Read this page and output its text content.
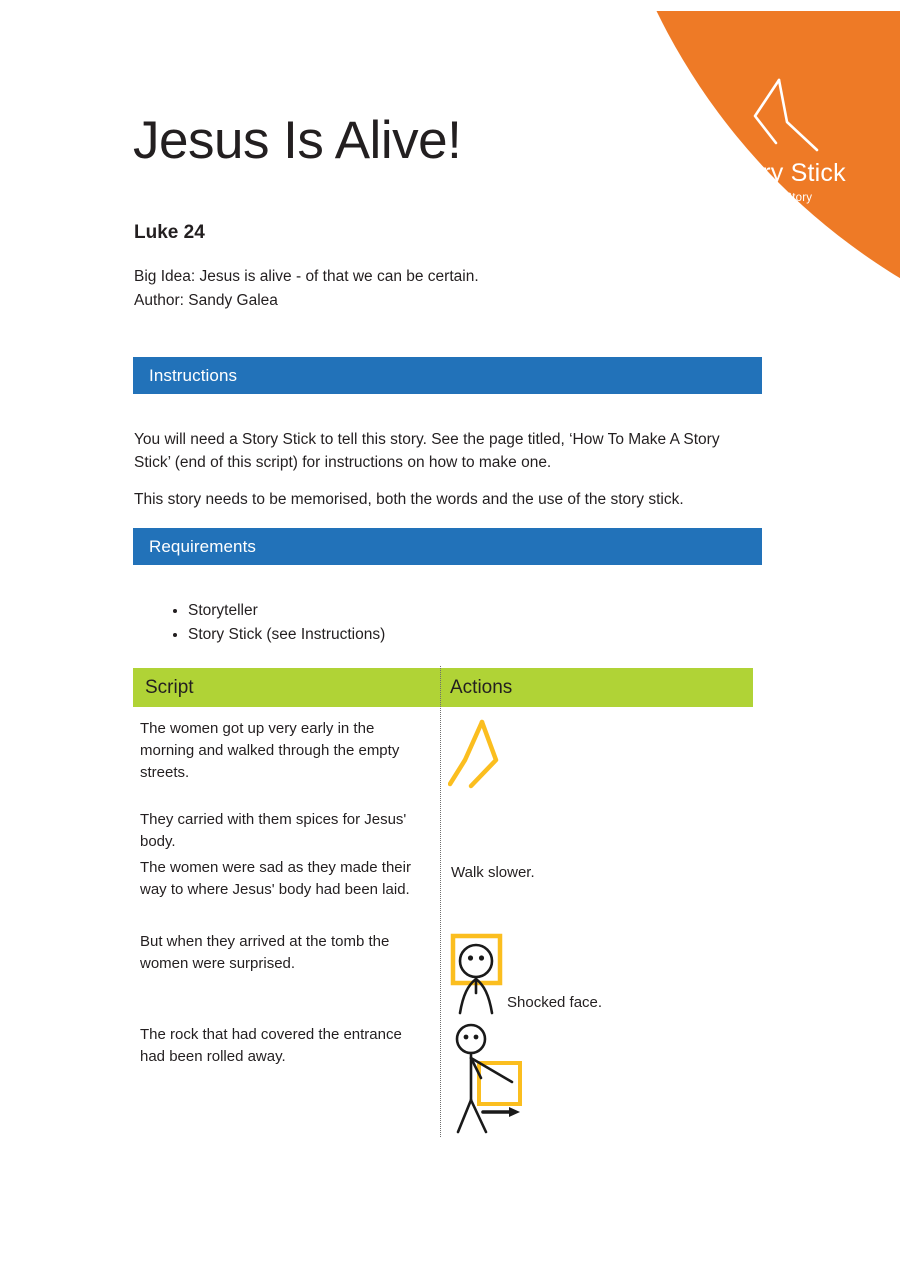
Story Stick
Kids Story
Jesus Is Alive!
Luke 24
Big Idea: Jesus is alive - of that we can be certain.
Author: Sandy Galea
Instructions
You will need a Story Stick to tell this story. See the page titled, ‘How To Make A Story Stick’ (end of this script) for instructions on how to make one.
This story needs to be memorised, both the words and the use of the story stick.
Requirements
• Storyteller
• Story Stick (see Instructions)
Script	Actions
The women got up very early in the morning and walked through the empty streets.
They carried with them spices for Jesus' body.
The women were sad as they made their way to where Jesus' body had been laid.
But when they arrived at the tomb the women were surprised.
The rock that had covered the entrance had been rolled away.
Walk slower.
Shocked face.
